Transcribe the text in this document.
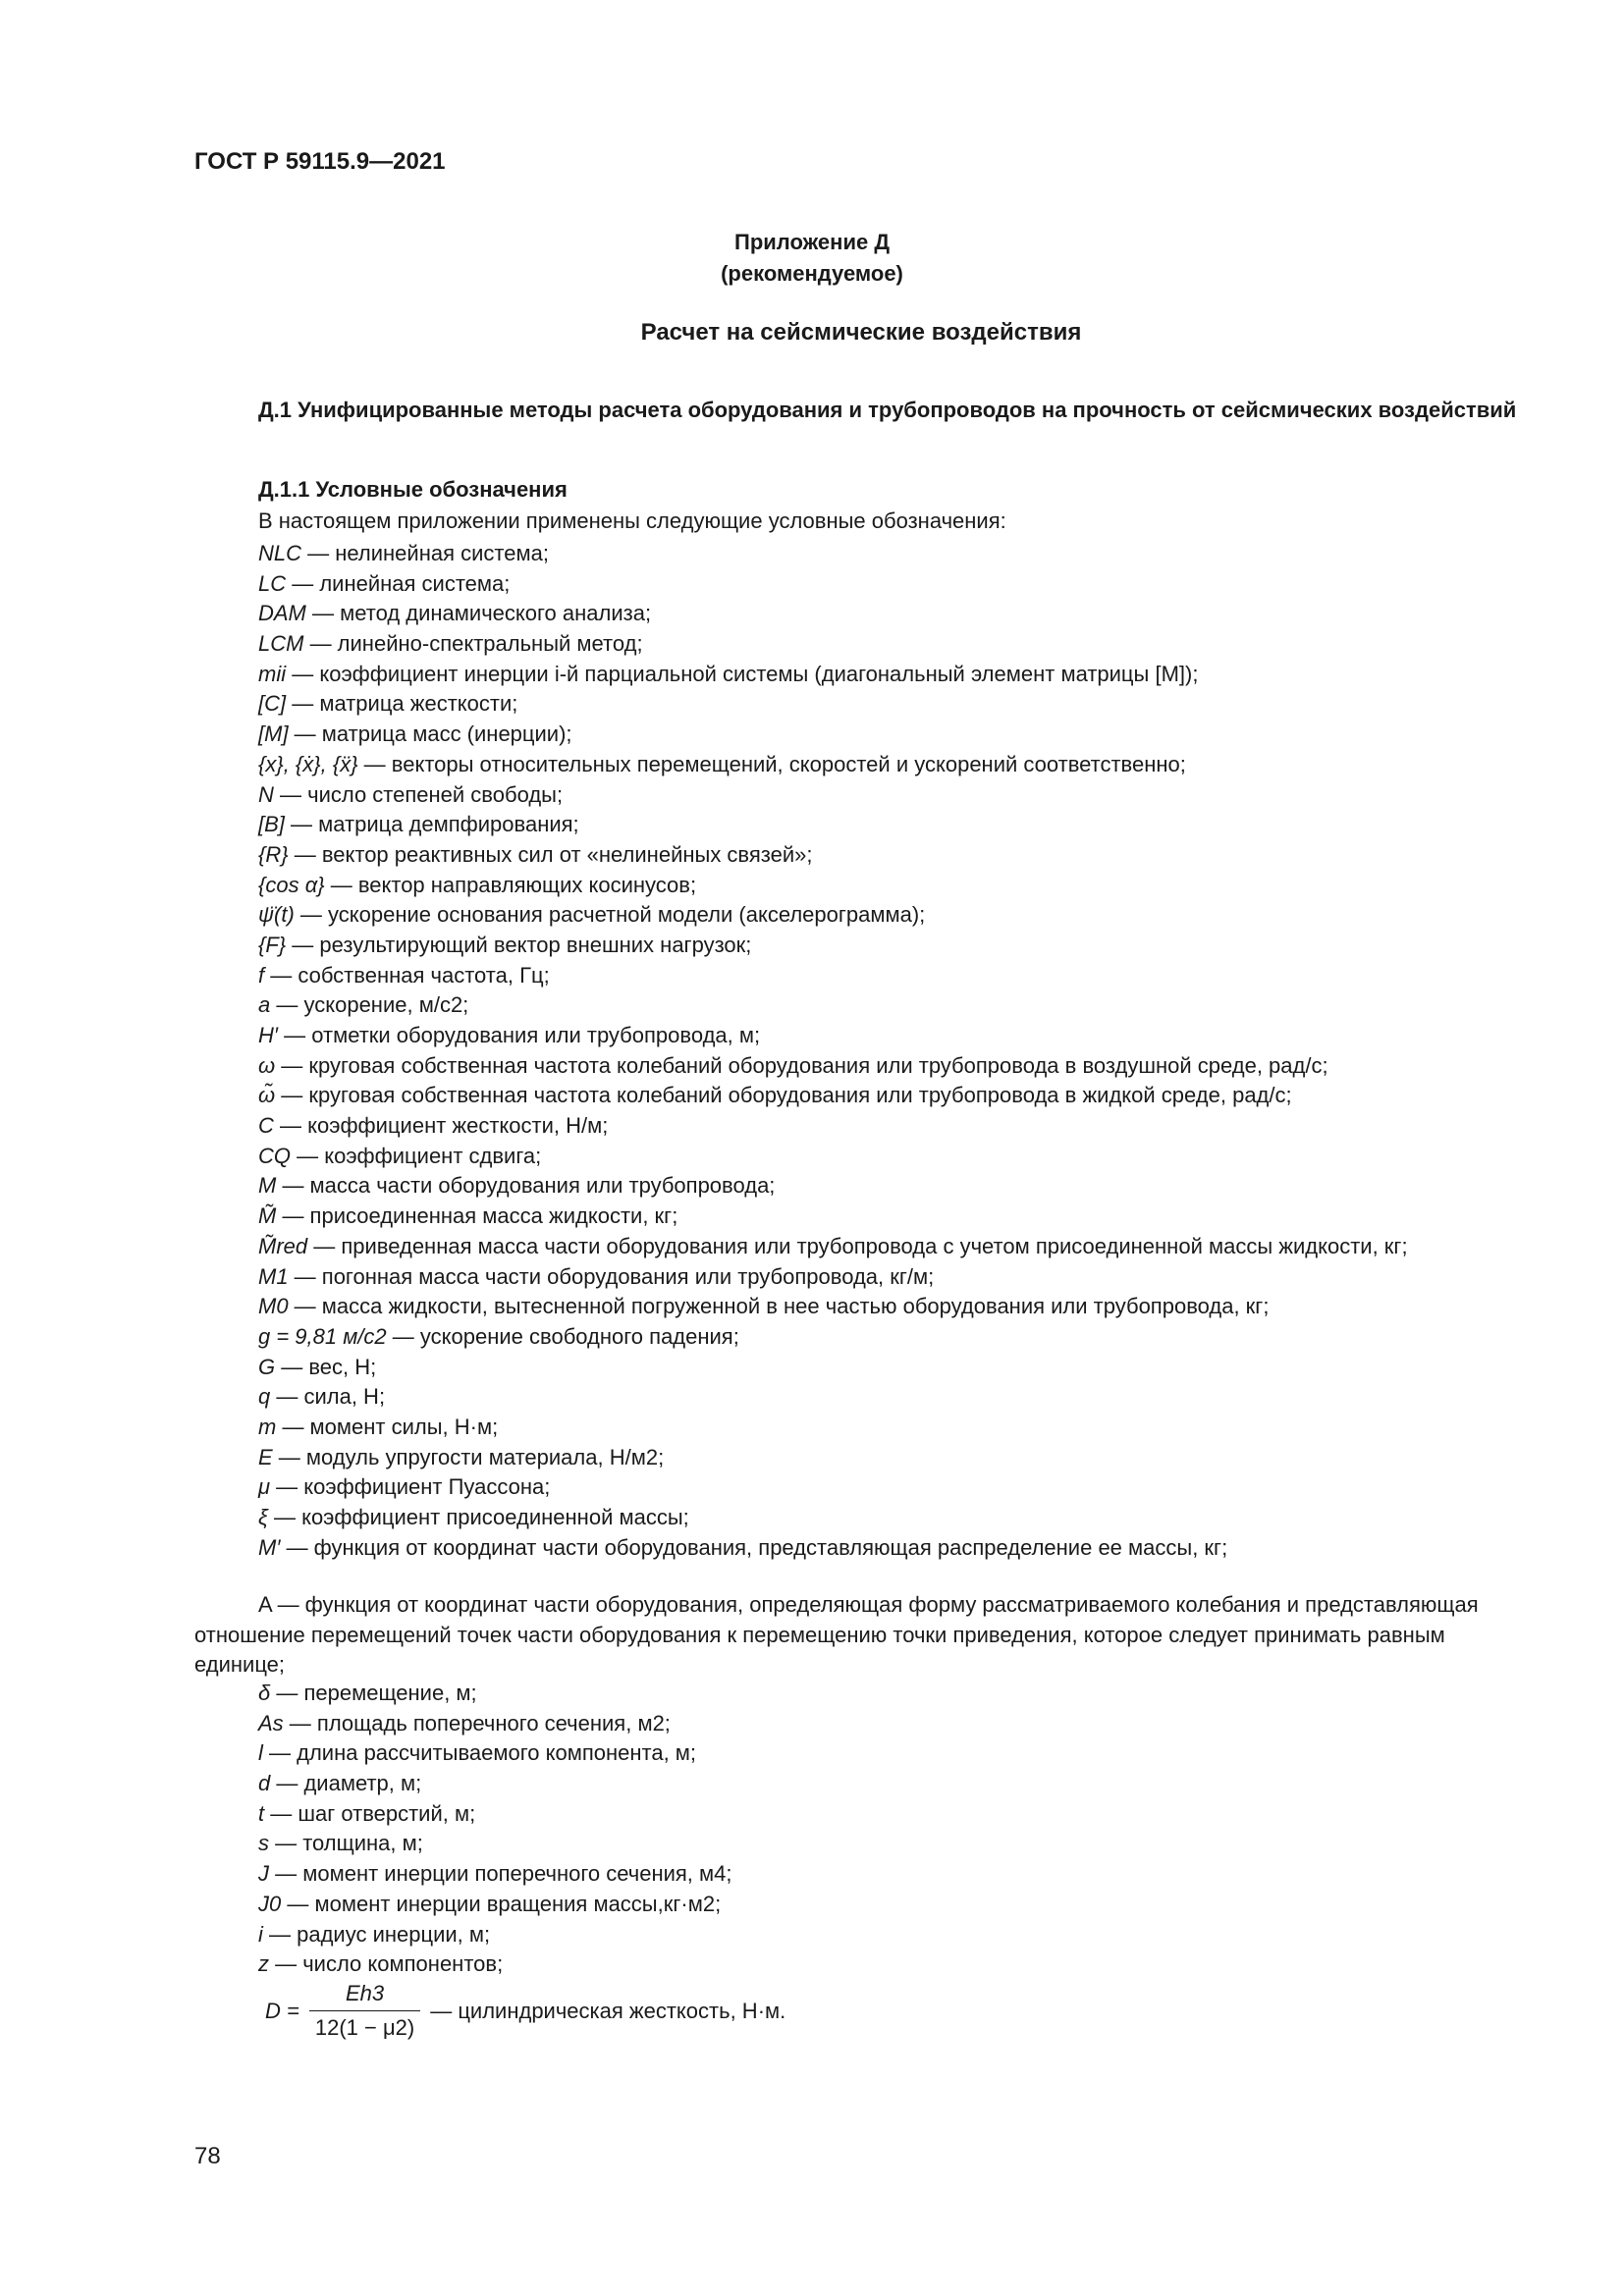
ГОСТ Р 59115.9—2021

Приложение Д
(рекомендуемое)

Расчет на сейсмические воздействия

Д.1 Унифицированные методы расчета оборудования и трубопроводов на прочность от сейсмических воздействий

Д.1.1 Условные обозначения

В настоящем приложении применены следующие условные обозначения:

NLC — нелинейная система;
LC — линейная система;
DAM — метод динамического анализа;
LCM — линейно-спектральный метод;
mii — коэффициент инерции i-й парциальной системы (диагональный элемент матрицы [M]);
[C] — матрица жесткости;
[M] — матрица масс (инерции);
{x}, {ẋ}, {ẍ} — векторы относительных перемещений, скоростей и ускорений соответственно;
N — число степеней свободы;
[B] — матрица демпфирования;
{R} — вектор реактивных сил от «нелинейных связей»;
{cos α} — вектор направляющих косинусов;
ψ̈(t) — ускорение основания расчетной модели (акселерограмма);
{F} — результирующий вектор внешних нагрузок;
f — собственная частота, Гц;
a — ускорение, м/с2;
H′ — отметки оборудования или трубопровода, м;
ω — круговая собственная частота колебаний оборудования или трубопровода в воздушной среде, рад/с;
ω̃ — круговая собственная частота колебаний оборудования или трубопровода в жидкой среде, рад/с;
C — коэффициент жесткости, Н/м;
CQ — коэффициент сдвига;
M — масса части оборудования или трубопровода;
M̃ — присоединенная масса жидкости, кг;
M̃red — приведенная масса части оборудования или трубопровода с учетом присоединенной массы жидкости, кг;
M1 — погонная масса части оборудования или трубопровода, кг/м;
M0 — масса жидкости, вытесненной погруженной в нее частью оборудования или трубопровода, кг;
g = 9,81 м/с2 — ускорение свободного падения;
G — вес, Н;
q — сила, Н;
m — момент силы, Н·м;
E — модуль упругости материала, Н/м2;
μ — коэффициент Пуассона;
ξ — коэффициент присоединенной массы;
M′ — функция от координат части оборудования, представляющая распределение ее массы, кг;

A — функция от координат части оборудования, определяющая форму рассматриваемого колебания и представляющая отношение перемещений точек части оборудования к перемещению точки приведения, которое следует принимать равным единице;

δ — перемещение, м;
As — площадь поперечного сечения, м2;
l — длина рассчитываемого компонента, м;
d — диаметр, м;
t — шаг отверстий, м;
s — толщина, м;
J — момент инерции поперечного сечения, м4;
J0 — момент инерции вращения массы,кг·м2;
i — радиус инерции, м;
z — число компонентов;
$D = \frac{Eh3}{12(1 - \mu 2)}$ — цилиндрическая жесткость, Н·м.

78
